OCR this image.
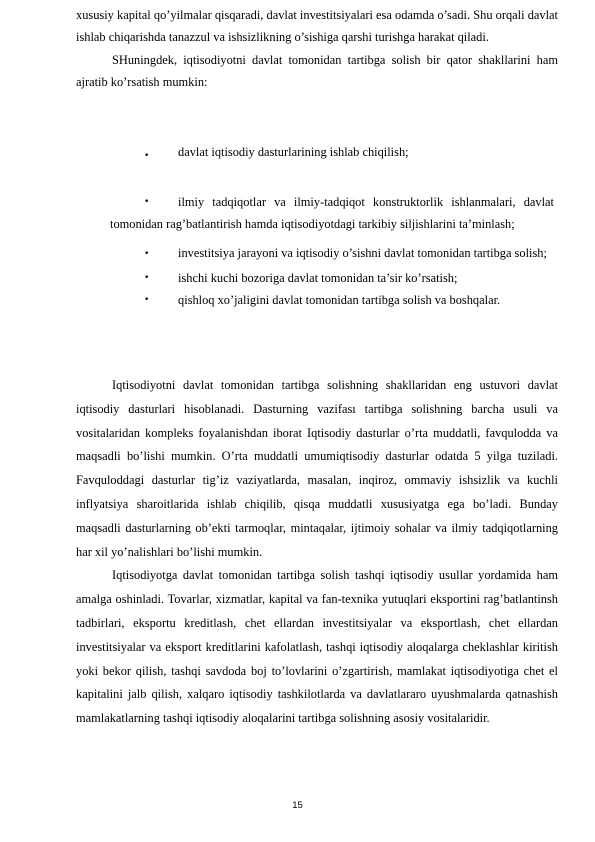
xususiy kapital qo’yilmalar qisqaradi, davlat investitsiyalari esa odamda o’sadi. Shu orqali davlat ishlab chiqarishda tanazzul va ishsizlikning o’sishiga qarshi turishga harakat qiladi.

SHuningdek, iqtisodiyotni davlat tomonidan tartibga solish bir qator shakllarini ham ajratib ko’rsatish mumkin:

•	davlat iqtisodiy dasturlarining ishlab chiqilish;
•	ilmiy tadqiqotlar va ilmiy-tadqiqot konstruktorlik ishlanmalari, davlat tomonidan rag’batlantirish hamda iqtisodiyotdagi tarkibiy siljishlarini ta’minlash;

•	investitsiya jarayoni va iqtisodiy o’sishni davlat tomonidan tartibga solish;

•	ishchi kuchi bozoriga davlat tomonidan ta’sir ko’rsatish;

•	qishloq xo’jaligini davlat tomonidan tartibga solish va boshqalar.

Iqtisodiyotni davlat tomonidan tartibga solishning shakllaridan eng ustuvori davlat iqtisodiy dasturlari hisoblanadi. Dasturning vazifası tartibga solishning barcha usuli va vositalaridan kompleks foyalanishdan iborat Iqtisodiy dasturlar o’rta muddatli, favqulodda va maqsadli bo’lishi mumkin. O’rta muddatli umumiqtisodiy dasturlar odatda 5 yilga tuziladi. Favquloddagi dasturlar tig’iz vaziyatlarda, masalan, inqiroz, ommaviy ishsizlik va kuchli inflyatsiya sharoitlarida ishlab chiqilib, qisqa muddatli xususiyatga ega bo’ladi. Bunday maqsadli dasturlarning ob’ekti tarmoqlar, mintaqalar, ijtimoiy sohalar va ilmiy tadqiqotlarning har xil yo’nalishlari bo’lishi mumkin.

Iqtisodiyotga davlat tomonidan tartibga solish tashqi iqtisodiy usullar yordamida ham amalga oshinladi. Tovarlar, xizmatlar, kapital va fan-texnika yutuqlari eksportini rag’batlantinsh tadbirlari, eksportu kreditlash, chet ellardan investitsiyalar va eksportlash, chet ellardan investitsiyalar va eksport kreditlarini kafolatlash, tashqi iqtisodiy aloqalarga cheklashlar kiritish yoki bekor qilish, tashqi savdoda boj to’lovlarini o’zgartirish, mamlakat iqtisodiyotiga chet el kapitalini jalb qilish, xalqaro iqtisodiy tashkilotlarda va davlatlararo uyushmalarda qatnashish mamlakatlarning tashqi iqtisodiy aloqalarini tartibga solishning asosiy vositalaridir.

15
